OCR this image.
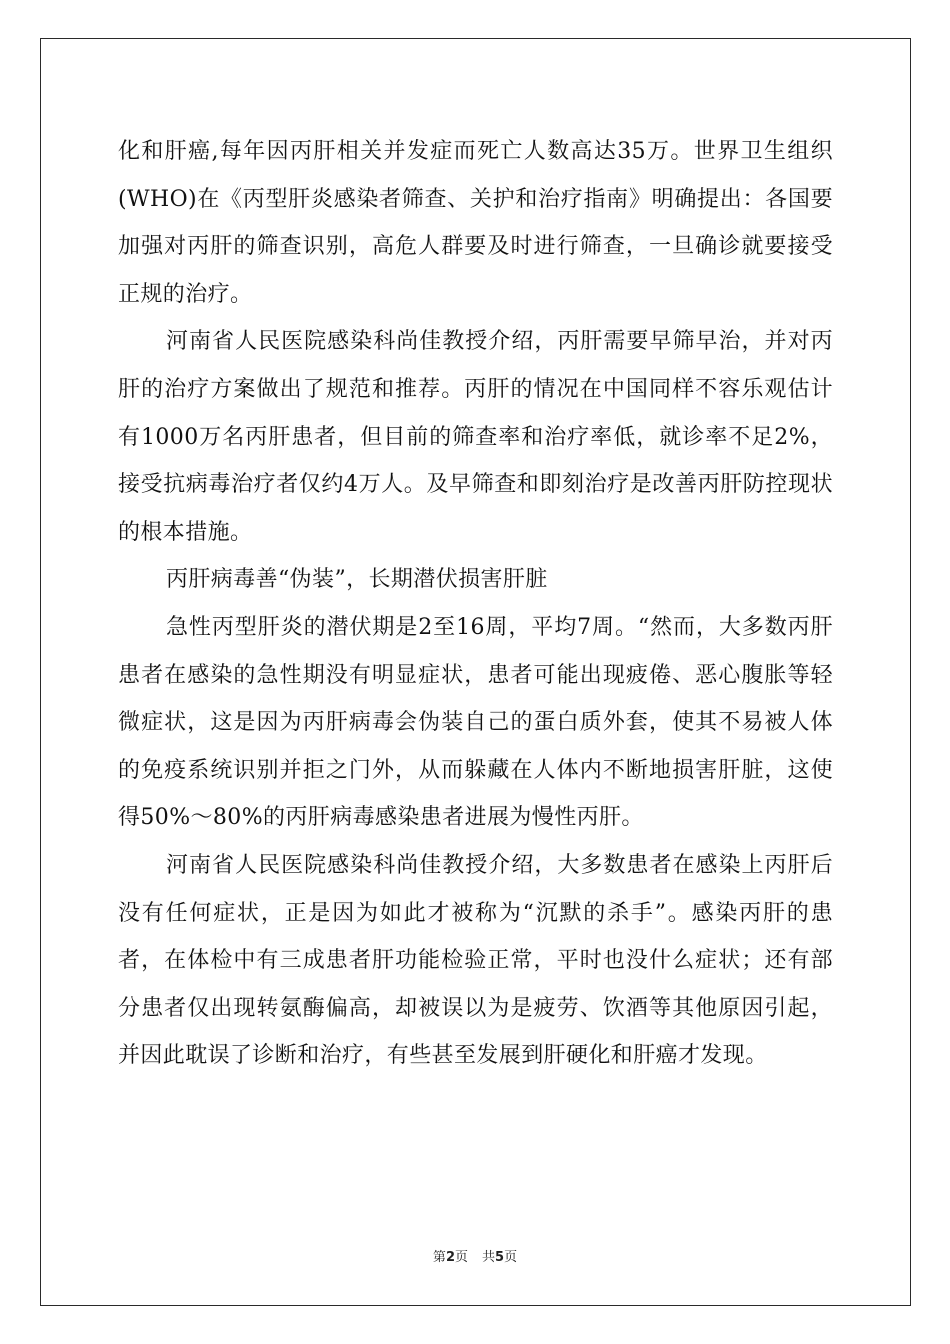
化和肝癌,每年因丙肝相关并发症而死亡人数高达35万。世界卫生组织(WHO)在《丙型肝炎感染者筛查、关护和治疗指南》明确提出：各国要加强对丙肝的筛查识别，高危人群要及时进行筛查，一旦确诊就要接受正规的治疗。

河南省人民医院感染科尚佳教授介绍，丙肝需要早筛早治，并对丙肝的治疗方案做出了规范和推荐。丙肝的情况在中国同样不容乐观估计有1000万名丙肝患者，但目前的筛查率和治疗率低，就诊率不足2%，接受抗病毒治疗者仅约4万人。及早筛查和即刻治疗是改善丙肝防控现状的根本措施。

丙肝病毒善“伪装”，长期潜伏损害肝脏

急性丙型肝炎的潜伏期是2至16周，平均7周。“然而，大多数丙肝患者在感染的急性期没有明显症状，患者可能出现疲倦、恶心腹胀等轻微症状，这是因为丙肝病毒会伪装自己的蛋白质外套，使其不易被人体的免疫系统识别并拒之门外，从而躲藏在人体内不断地损害肝脏，这使得50%～80%的丙肝病毒感染患者进展为慢性丙肝。

河南省人民医院感染科尚佳教授介绍，大多数患者在感染上丙肝后没有任何症状，正是因为如此才被称为“沉默的杀手”。感染丙肝的患者，在体检中有三成患者肝功能检验正常，平时也没什么症状；还有部分患者仅出现转氨酶偏高，却被误以为是疲劳、饮酒等其他原因引起，并因此耽误了诊断和治疗，有些甚至发展到肝硬化和肝癌才发现。

第2页 共5页
